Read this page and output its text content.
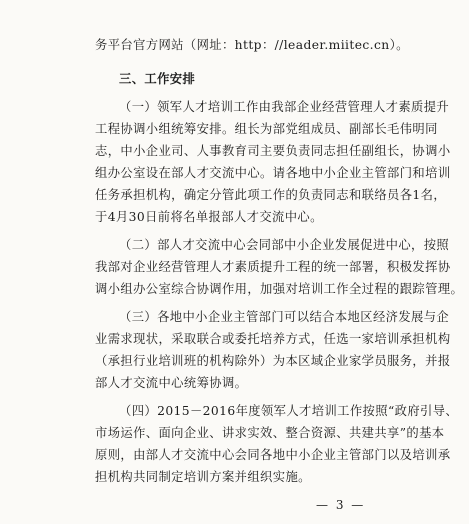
务平台官方网站（网址：http：//leader.miitec.cn）。
三、工作安排
（一）领军人才培训工作由我部企业经营管理人才素质提升
工程协调小组统筹安排。组长为部党组成员、副部长毛伟明同
志，中小企业司、人事教育司主要负责同志担任副组长，协调小
组办公室设在部人才交流中心。请各地中小企业主管部门和培训
任务承担机构，确定分管此项工作的负责同志和联络员各1名，
于4月30日前将名单报部人才交流中心。
（二）部人才交流中心会同部中小企业发展促进中心，按照
我部对企业经营管理人才素质提升工程的统一部署，积极发挥协
调小组办公室综合协调作用，加强对培训工作全过程的跟踪管理。
（三）各地中小企业主管部门可以结合本地区经济发展与企
业需求现状，采取联合或委托培养方式，任选一家培训承担机构
（承担行业培训班的机构除外）为本区域企业家学员服务，并报
部人才交流中心统筹协调。
（四）2015－2016年度领军人才培训工作按照“政府引导、
市场运作、面向企业、讲求实效、整合资源、共建共享”的基本
原则，由部人才交流中心会同各地中小企业主管部门以及培训承
担机构共同制定培训方案并组织实施。
— 3 —
